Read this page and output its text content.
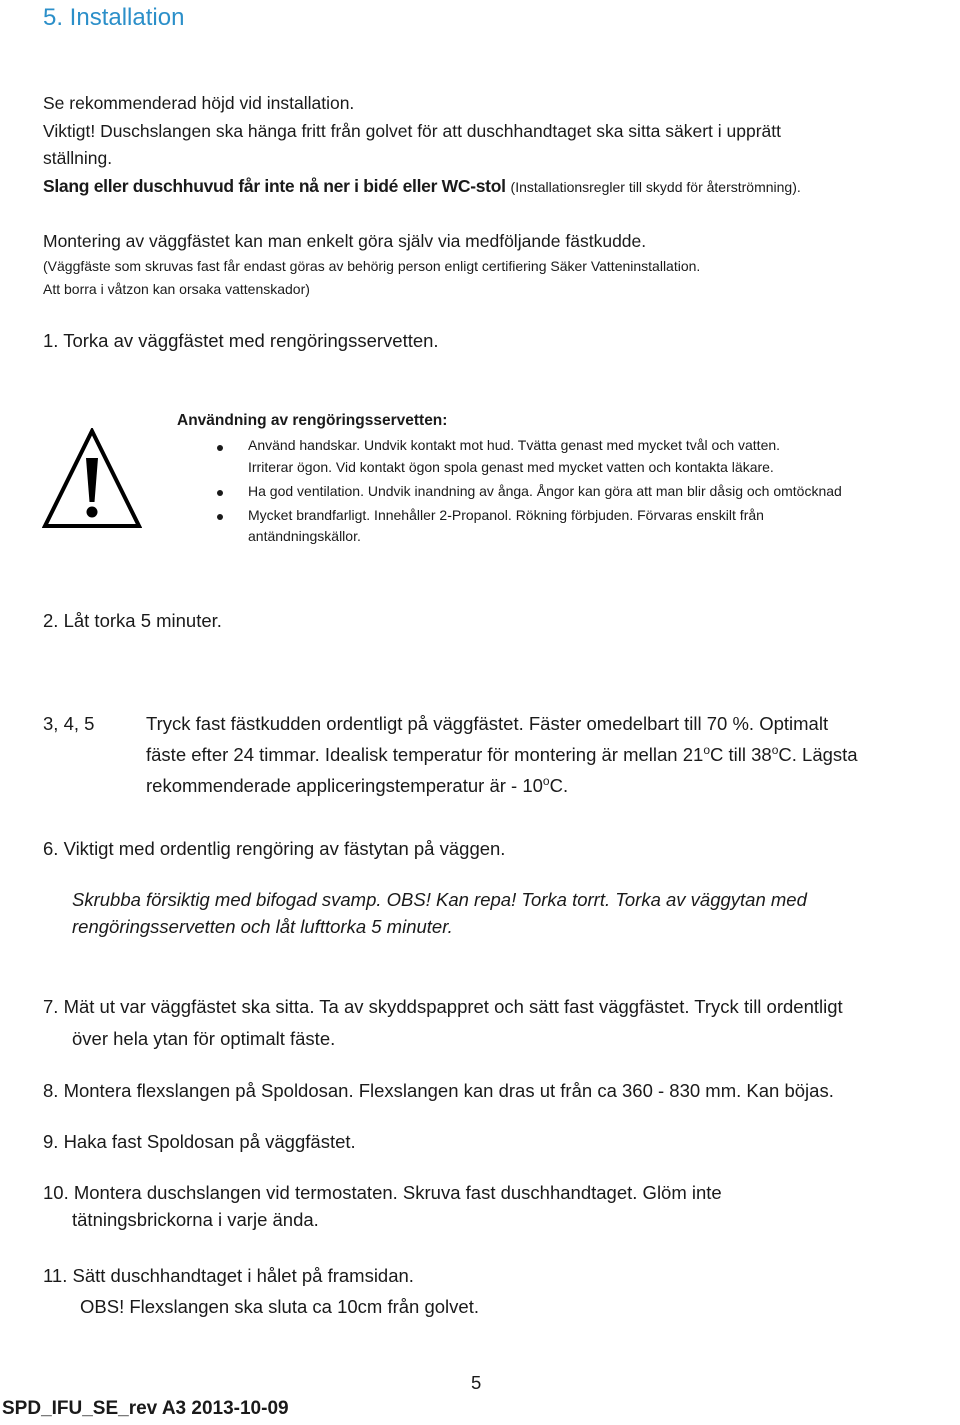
5. Installation
Se rekommenderad höjd vid installation.
Viktigt! Duschslangen ska hänga fritt från golvet för att duschhandtaget ska sitta säkert i upprätt
ställning.
Slang eller duschhuvud får inte nå ner i bidé eller WC-stol (Installationsregler till skydd för återströmning).
Montering av väggfästet kan man enkelt göra själv via medföljande fästkudde.
(Väggfäste som skruvas fast får endast göras av behörig person enligt certifiering Säker Vatteninstallation.
Att borra i våtzon kan orsaka vattenskador)
1. Torka av väggfästet med rengöringsservetten.
Användning av rengöringsservetten:
Använd handskar. Undvik kontakt mot hud. Tvätta genast med mycket tvål och vatten.
Irriterar ögon. Vid kontakt ögon spola genast med mycket vatten och kontakta läkare.
Ha god ventilation. Undvik inandning av ånga. Ångor kan göra att man blir dåsig och omtöcknad
Mycket brandfarligt. Innehåller 2-Propanol. Rökning förbjuden. Förvaras enskilt från
antändningskällor.
2. Låt torka 5 minuter.
3, 4, 5	Tryck fast fästkudden ordentligt på väggfästet. Fäster omedelbart till 70 %. Optimalt
fäste efter 24 timmar. Idealisk temperatur för montering är mellan 21$^o$C till 38$^o$C. Lägsta
rekommenderade appliceringstemperatur är - 10$^o$C.
6. Viktigt med ordentlig rengöring av fästytan på väggen.
Skrubba försiktig med bifogad svamp. OBS! Kan repa! Torka torrt. Torka av väggytan med
rengöringsservetten och låt lufttorka 5 minuter.
7. Mät ut var väggfästet ska sitta. Ta av skyddspappret och sätt fast väggfästet. Tryck till ordentligt
över hela ytan för optimalt fäste.
8. Montera flexslangen på Spoldosan. Flexslangen kan dras ut från ca 360 - 830 mm. Kan böjas.
9. Haka fast Spoldosan på väggfästet.
10. Montera duschslangen vid termostaten. Skruva fast duschhandtaget. Glöm inte
tätningsbrickorna i varje ända.
11. Sätt duschhandtaget i hålet på framsidan.
OBS! Flexslangen ska sluta ca 10cm från golvet.
5
SPD_IFU_SE_rev A3 2013-10-09
